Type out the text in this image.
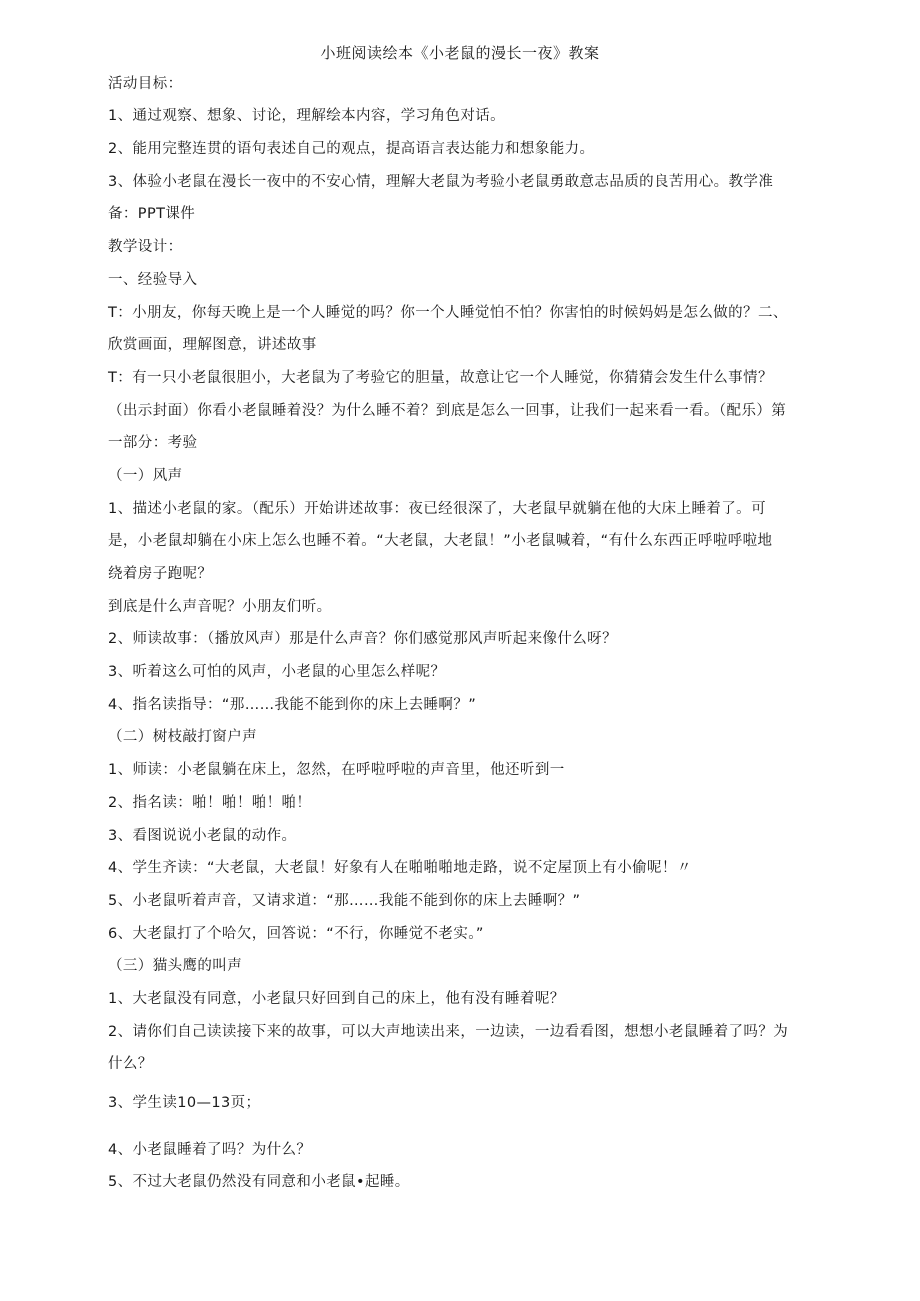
小班阅读绘本《小老鼠的漫长一夜》教案
活动目标：
1、通过观察、想象、讨论，理解绘本内容，学习角色对话。
2、能用完整连贯的语句表述自己的观点，提高语言表达能力和想象能力。
3、体验小老鼠在漫长一夜中的不安心情，理解大老鼠为考验小老鼠勇敢意志品质的良苦用心。教学准
备：PPT课件
教学设计：
一、经验导入
T：小朋友，你每天晚上是一个人睡觉的吗？你一个人睡觉怕不怕？你害怕的时候妈妈是怎么做的？二、
欣赏画面，理解图意，讲述故事
T：有一只小老鼠很胆小，大老鼠为了考验它的胆量，故意让它一个人睡觉，你猜猜会发生什么事情？
（出示封面）你看小老鼠睡着没？为什么睡不着？到底是怎么一回事，让我们一起来看一看。（配乐）第
一部分：考验
（一）风声
1、描述小老鼠的家。（配乐）开始讲述故事：夜已经很深了，大老鼠早就躺在他的大床上睡着了。可
是，小老鼠却躺在小床上怎么也睡不着。“大老鼠，大老鼠！”小老鼠喊着，“有什么东西正呼啦呼啦地
绕着房子跑呢？
到底是什么声音呢？小朋友们听。
2、师读故事：（播放风声）那是什么声音？你们感觉那风声听起来像什么呀？
3、听着这么可怕的风声，小老鼠的心里怎么样呢？
4、指名读指导：“那……我能不能到你的床上去睡啊？”
（二）树枝敲打窗户声
1、师读：小老鼠躺在床上，忽然，在呼啦呼啦的声音里，他还听到一
2、指名读：啪！啪！啪！啪！
3、看图说说小老鼠的动作。
4、学生齐读：“大老鼠，大老鼠！好象有人在啪啪啪地走路，说不定屋顶上有小偷呢！〃
5、小老鼠听着声音，又请求道：“那……我能不能到你的床上去睡啊？”
6、大老鼠打了个哈欠，回答说：“不行，你睡觉不老实。”
（三）猫头鹰的叫声
1、大老鼠没有同意，小老鼠只好回到自己的床上，他有没有睡着呢？
2、请你们自己读读接下来的故事，可以大声地读出来，一边读，一边看看图，想想小老鼠睡着了吗？为
什么？
3、学生读10—13页；
4、小老鼠睡着了吗？为什么？
5、不过大老鼠仍然没有同意和小老鼠•起睡。
